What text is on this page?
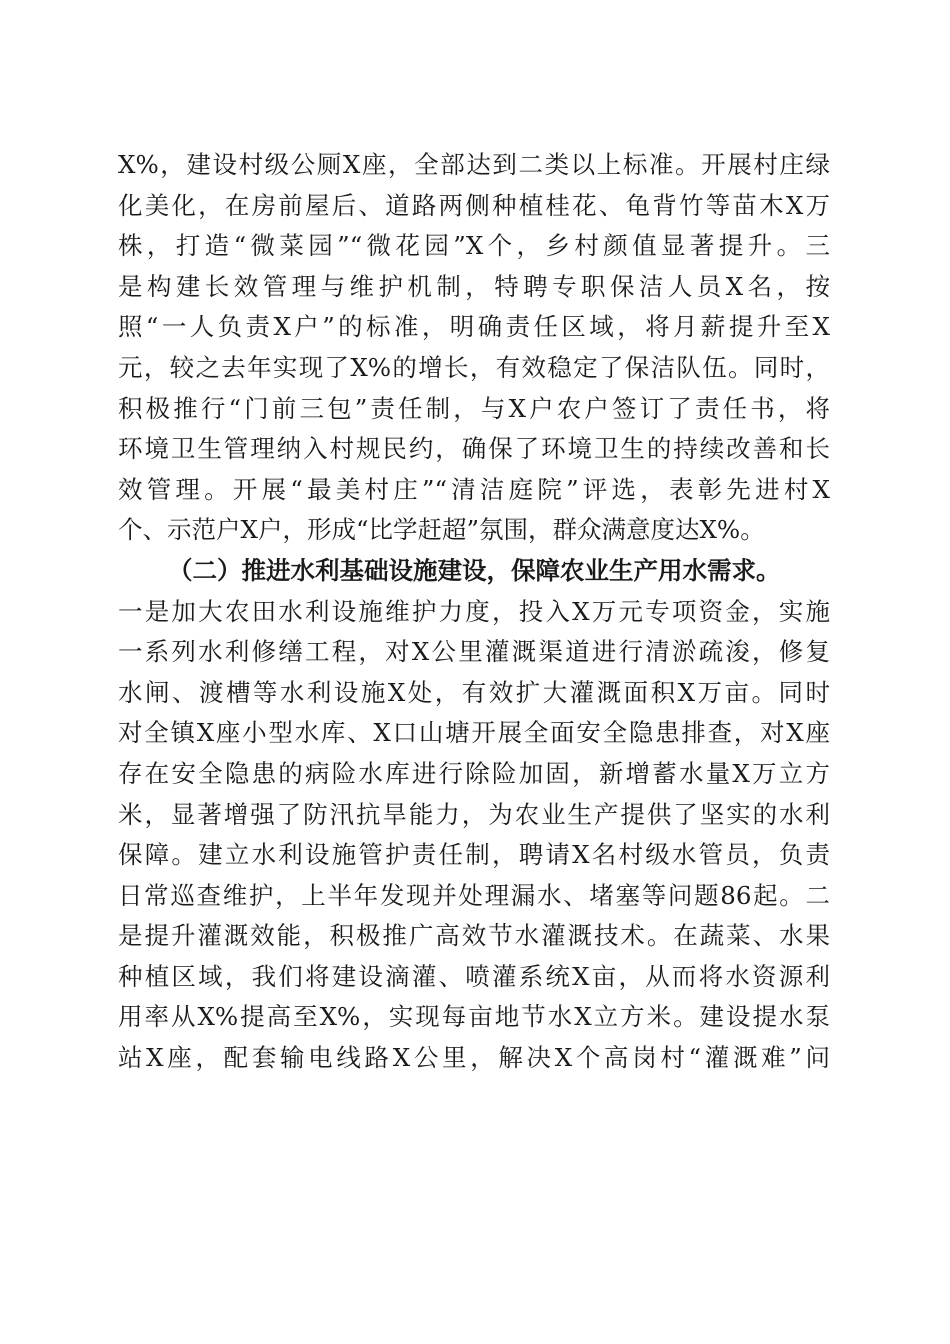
X%，建设村级公厕X座，全部达到二类以上标准。开展村庄绿
化美化，在房前屋后、道路两侧种植桂花、龟背竹等苗木X万
株，打造“微菜园”“微花园”X个，乡村颜值显著提升。三
是构建长效管理与维护机制，特聘专职保洁人员X名，按
照“一人负责X户”的标准，明确责任区域，将月薪提升至X
元，较之去年实现了X%的增长，有效稳定了保洁队伍。同时，
积极推行“门前三包”责任制，与X户农户签订了责任书，将
环境卫生管理纳入村规民约，确保了环境卫生的持续改善和长
效管理。开展“最美村庄”“清洁庭院”评选，表彰先进村X
个、示范户X户，形成“比学赶超”氛围，群众满意度达X%。
（二）推进水利基础设施建设，保障农业生产用水需求。
一是加大农田水利设施维护力度，投入X万元专项资金，实施
一系列水利修缮工程，对X公里灌溉渠道进行清淤疏浚，修复
水闸、渡槽等水利设施X处，有效扩大灌溉面积X万亩。同时
对全镇X座小型水库、X口山塘开展全面安全隐患排查，对X座
存在安全隐患的病险水库进行除险加固，新增蓄水量X万立方
米，显著增强了防汛抗旱能力，为农业生产提供了坚实的水利
保障。建立水利设施管护责任制，聘请X名村级水管员，负责
日常巡查维护，上半年发现并处理漏水、堵塞等问题86起。二
是提升灌溉效能，积极推广高效节水灌溉技术。在蔬菜、水果
种植区域，我们将建设滴灌、喷灌系统X亩，从而将水资源利
用率从X%提高至X%，实现每亩地节水X立方米。建设提水泵
站X座，配套输电线路X公里，解决X个高岗村“灌溉难”问
